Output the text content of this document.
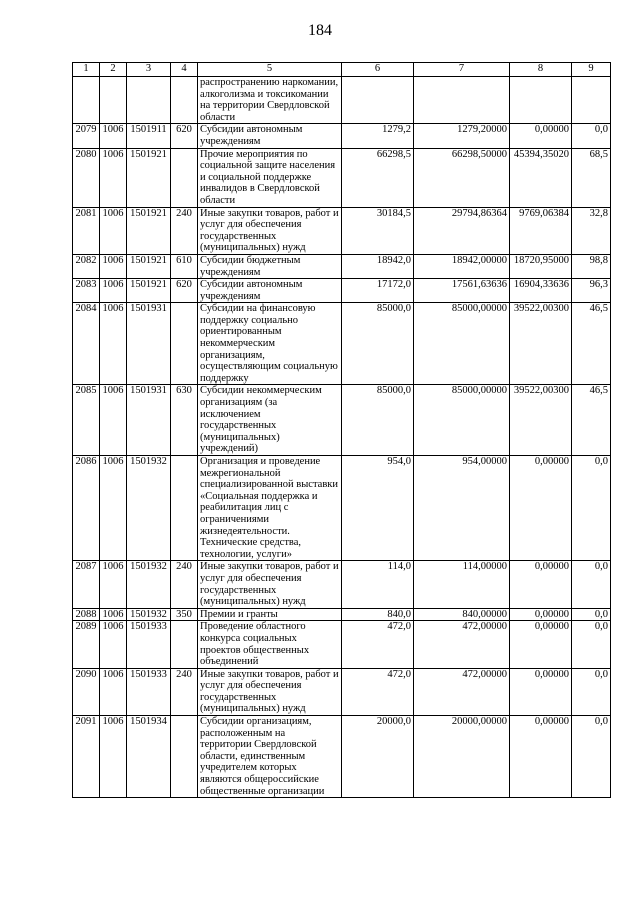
184
1	2	3	4	5	6	7	8	9
				распространению наркомании, алкоголизма и токсикомании на территории Свердловской области				
2079	1006	1501911	620	Субсидии автономным учреждениям	1279,2	1279,20000	0,00000	0,0
2080	1006	1501921		Прочие мероприятия по социальной защите населения и социальной поддержке инвалидов в Свердловской области	66298,5	66298,50000	45394,35020	68,5
2081	1006	1501921	240	Иные закупки товаров, работ и услуг для обеспечения государственных (муниципальных) нужд	30184,5	29794,86364	9769,06384	32,8
2082	1006	1501921	610	Субсидии бюджетным учреждениям	18942,0	18942,00000	18720,95000	98,8
2083	1006	1501921	620	Субсидии автономным учреждениям	17172,0	17561,63636	16904,33636	96,3
2084	1006	1501931		Субсидии на финансовую поддержку социально ориентированным некоммерческим организациям, осуществляющим социальную поддержку	85000,0	85000,00000	39522,00300	46,5
2085	1006	1501931	630	Субсидии некоммерческим организациям (за исключением государственных (муниципальных) учреждений)	85000,0	85000,00000	39522,00300	46,5
2086	1006	1501932		Организация и проведение межрегиональной специализированной выставки «Социальная поддержка и реабилитация лиц с ограничениями жизнедеятельности. Технические средства, технологии, услуги»	954,0	954,00000	0,00000	0,0
2087	1006	1501932	240	Иные закупки товаров, работ и услуг для обеспечения государственных (муниципальных) нужд	114,0	114,00000	0,00000	0,0
2088	1006	1501932	350	Премии и гранты	840,0	840,00000	0,00000	0,0
2089	1006	1501933		Проведение областного конкурса социальных проектов общественных объединений	472,0	472,00000	0,00000	0,0
2090	1006	1501933	240	Иные закупки товаров, работ и услуг для обеспечения государственных (муниципальных) нужд	472,0	472,00000	0,00000	0,0
2091	1006	1501934		Субсидии организациям, расположенным на территории Свердловской области, единственным учредителем которых являются общероссийские общественные организации	20000,0	20000,00000	0,00000	0,0
